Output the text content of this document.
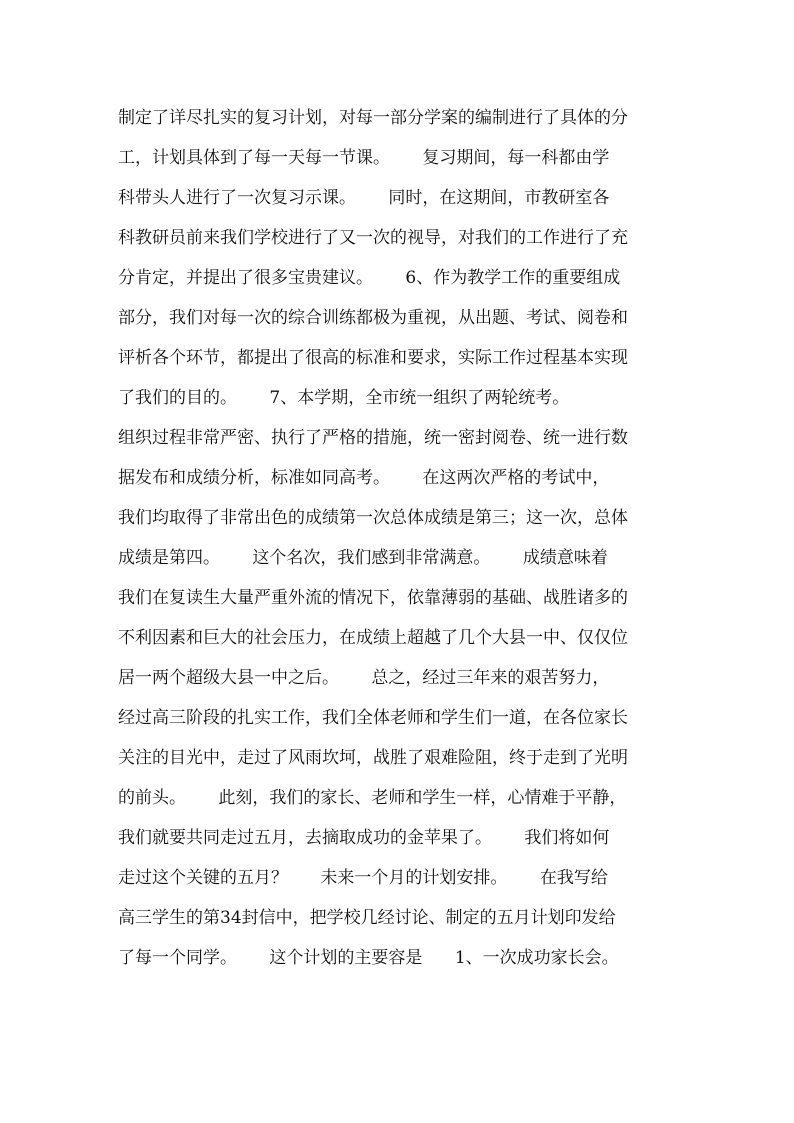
制定了详尽扎实的复习计划，对每一部分学案的编制进行了具体的分
工，计划具体到了每一天每一节课。      复习期间，每一科都由学
科带头人进行了一次复习示课。      同时，在这期间，市教研室各
科教研员前来我们学校进行了又一次的视导，对我们的工作进行了充
分肯定，并提出了很多宝贵建议。      6、作为教学工作的重要组成
部分，我们对每一次的综合训练都极为重视，从出题、考试、阅卷和
评析各个环节，都提出了很高的标准和要求，实际工作过程基本实现
了我们的目的。      7、本学期，全市统一组织了两轮统考。
组织过程非常严密、执行了严格的措施，统一密封阅卷、统一进行数
据发布和成绩分析，标准如同高考。      在这两次严格的考试中，
我们均取得了非常出色的成绩第一次总体成绩是第三；这一次，总体
成绩是第四。      这个名次，我们感到非常满意。      成绩意味着
我们在复读生大量严重外流的情况下，依靠薄弱的基础、战胜诸多的
不利因素和巨大的社会压力，在成绩上超越了几个大县一中、仅仅位
居一两个超级大县一中之后。      总之，经过三年来的艰苦努力，
经过高三阶段的扎实工作，我们全体老师和学生们一道，在各位家长
关注的目光中，走过了风雨坎坷，战胜了艰难险阻，终于走到了光明
的前头。      此刻，我们的家长、老师和学生一样，心情难于平静，
我们就要共同走过五月，去摘取成功的金苹果了。      我们将如何
走过这个关键的五月？      未来一个月的计划安排。      在我写给
高三学生的第34封信中，把学校几经讨论、制定的五月计划印发给
了每一个同学。      这个计划的主要容是      1、一次成功家长会。
